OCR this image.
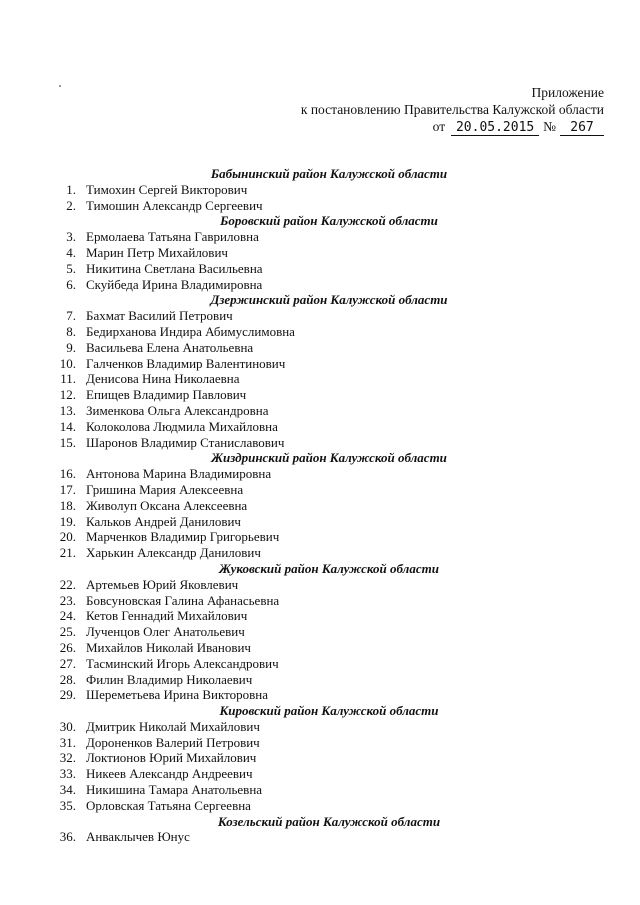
Приложение
к постановлению Правительства Калужской области
от 20.05.2015 №	267
Бабынинский район Калужской области
1. Тимохин Сергей Викторович
2. Тимошин Александр Сергеевич
Боровский район Калужской области
3. Ермолаева Татьяна Гавриловна
4. Марин Петр Михайлович
5. Никитина Светлана Васильевна
6. Скуйбеда Ирина Владимировна
Дзержинский район Калужской области
7. Бахмат Василий Петрович
8. Бедирханова Индира Абимуслимовна
9. Васильева Елена Анатольевна
10. Галченков Владимир Валентинович
11. Денисова Нина Николаевна
12. Епищев Владимир Павлович
13. Зименкова Ольга Александровна
14. Колоколова Людмила Михайловна
15. Шаронов Владимир Станиславович
Жиздринский район Калужской области
16. Антонова Марина Владимировна
17. Гришина Мария Алексеевна
18. Живолуп Оксана Алексеевна
19. Кальков Андрей Данилович
20. Марченков Владимир Григорьевич
21. Харькин Александр Данилович
Жуковский район Калужской области
22. Артемьев Юрий Яковлевич
23. Бовсуновская Галина Афанасьевна
24. Кетов Геннадий Михайлович
25. Лученцов Олег Анатольевич
26. Михайлов Николай Иванович
27. Тасминский Игорь Александрович
28. Филин Владимир Николаевич
29. Шереметьева Ирина Викторовна
Кировский район Калужской области
30. Дмитрик Николай Михайлович
31. Дороненков Валерий Петрович
32. Локтионов Юрий Михайлович
33. Никеев Александр Андреевич
34. Никишина Тамара Анатольевна
35. Орловская Татьяна Сергеевна
Козельский район Калужской области
36. Анваклычев Юнус
